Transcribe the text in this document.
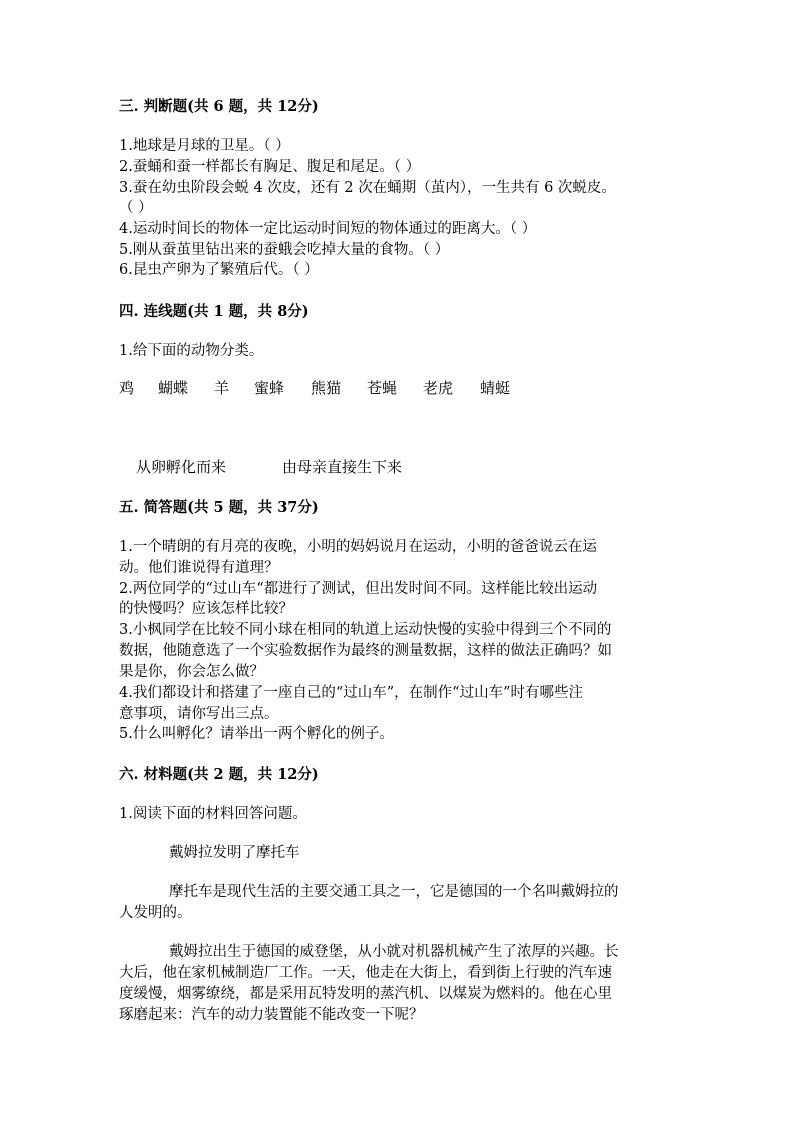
三. 判断题(共 6 题，共 12分)
1.地球是月球的卫星。（ ）
2.蚕蛹和蚕一样都长有胸足、腹足和尾足。（ ）
3.蚕在幼虫阶段会蜕 4 次皮，还有 2 次在蛹期（茧内），一生共有 6 次蜕皮。
（ ）
4.运动时间长的物体一定比运动时间短的物体通过的距离大。（ ）
5.刚从蚕茧里钻出来的蚕蛾会吃掉大量的食物。（ ）
6.昆虫产卵为了繁殖后代。（ ）
四. 连线题(共 1 题，共 8分)
1.给下面的动物分类。
鸡 蝴蝶 羊 蜜蜂 熊猫 苍蝇 老虎 蜻蜓
从卵孵化而来	由母亲直接生下来
五. 简答题(共 5 题，共 37分)
1.一个晴朗的有月亮的夜晚，小明的妈妈说月在运动，小明的爸爸说云在运
动。他们谁说得有道理？
2.两位同学的“过山车“都进行了测试，但出发时间不同。这样能比较出运动
的快慢吗？应该怎样比较？
3.小枫同学在比较不同小球在相同的轨道上运动快慢的实验中得到三个不同的
数据，他随意选了一个实验数据作为最终的测量数据，这样的做法正确吗？如
果是你，你会怎么做？
4.我们都设计和搭建了一座自己的“过山车”，在制作“过山车”时有哪些注
意事项，请你写出三点。
5.什么叫孵化？请举出一两个孵化的例子。
六. 材料题(共 2 题，共 12分)
1.阅读下面的材料回答问题。
戴姆拉发明了摩托车
摩托车是现代生活的主要交通工具之一，它是德国的一个名叫戴姆拉的
人发明的。
戴姆拉出生于德国的威登堡，从小就对机器机械产生了浓厚的兴趣。长
大后，他在家机械制造厂工作。一天，他走在大街上，看到街上行驶的汽车速
度缓慢，烟雾缭绕，都是采用瓦特发明的蒸汽机、以煤炭为燃料的。他在心里
琢磨起来：汽车的动力装置能不能改变一下呢？
